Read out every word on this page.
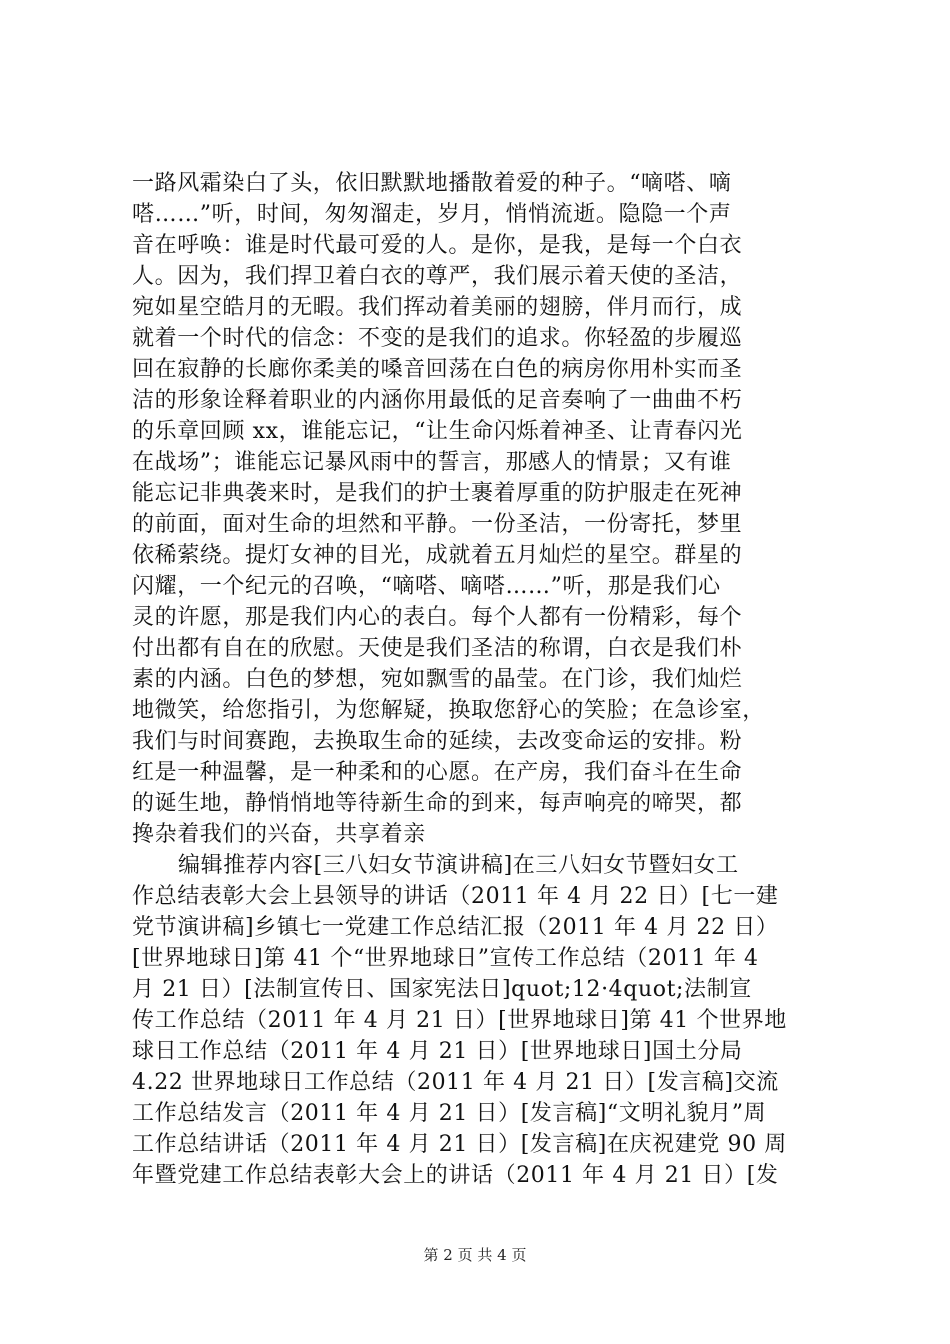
一路风霜染白了头，依旧默默地播散着爱的种子。“嘀嗒、嘀
嗒……”听，时间，匆匆溜走，岁月，悄悄流逝。隐隐一个声
音在呼唤：谁是时代最可爱的人。是你，是我，是每一个白衣
人。因为，我们捍卫着白衣的尊严，我们展示着天使的圣洁，
宛如星空皓月的无暇。我们挥动着美丽的翅膀，伴月而行，成
就着一个时代的信念：不变的是我们的追求。你轻盈的步履巡
回在寂静的长廊你柔美的嗓音回荡在白色的病房你用朴实而圣
洁的形象诠释着职业的内涵你用最低的足音奏响了一曲曲不朽
的乐章回顾 xx，谁能忘记，“让生命闪烁着神圣、让青春闪光
在战场”；谁能忘记暴风雨中的誓言，那感人的情景；又有谁
能忘记非典袭来时，是我们的护士裹着厚重的防护服走在死神
的前面，面对生命的坦然和平静。一份圣洁，一份寄托，梦里
依稀萦绕。提灯女神的目光，成就着五月灿烂的星空。群星的
闪耀，一个纪元的召唤，“嘀嗒、嘀嗒……”听，那是我们心
灵的许愿，那是我们内心的表白。每个人都有一份精彩，每个
付出都有自在的欣慰。天使是我们圣洁的称谓，白衣是我们朴
素的内涵。白色的梦想，宛如飘雪的晶莹。在门诊，我们灿烂
地微笑，给您指引，为您解疑，换取您舒心的笑脸；在急诊室，
我们与时间赛跑，去换取生命的延续，去改变命运的安排。粉
红是一种温馨，是一种柔和的心愿。在产房，我们奋斗在生命
的诞生地，静悄悄地等待新生命的到来，每声响亮的啼哭，都
搀杂着我们的兴奋，共享着亲
编辑推荐内容[三八妇女节演讲稿]在三八妇女节暨妇女工
作总结表彰大会上县领导的讲话（2011 年 4 月 22 日）[七一建
党节演讲稿]乡镇七一党建工作总结汇报（2011 年 4 月 22 日）
[世界地球日]第 41 个“世界地球日”宣传工作总结（2011 年 4
月 21 日）[法制宣传日、国家宪法日]quot;12·4quot;法制宣
传工作总结（2011 年 4 月 21 日）[世界地球日]第 41 个世界地
球日工作总结（2011 年 4 月 21 日）[世界地球日]国土分局
4.22 世界地球日工作总结（2011 年 4 月 21 日）[发言稿]交流
工作总结发言（2011 年 4 月 21 日）[发言稿]“文明礼貌月”周
工作总结讲话（2011 年 4 月 21 日）[发言稿]在庆祝建党 90 周
年暨党建工作总结表彰大会上的讲话（2011 年 4 月 21 日）[发
第 2 页 共 4 页
